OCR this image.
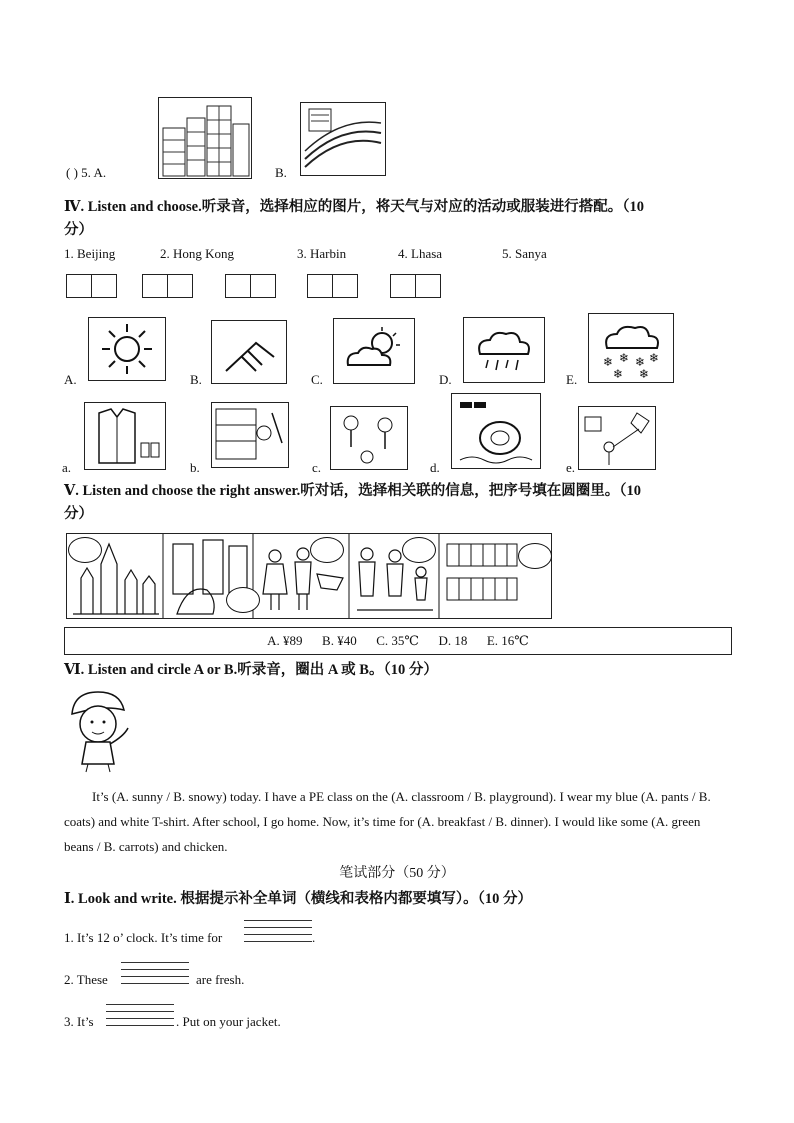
( ) 5. A.	B.
Ⅳ. Listen and choose.听录音，选择相应的图片，将天气与对应的活动或服装进行搭配。（10
分）
1. Beijing	2. Hong Kong	3. Harbin	4. Lhasa	5. Sanya
A.	B.	C.	D.	E.
❄ ❄ ❄ ❄
❄ ❄
a.	b.	c.	d.	e.
Ⅴ. Listen and choose the right answer.听对话，选择相关联的信息，把序号填在圆圈里。（10
分）
A. ¥89      B. ¥40      C. 35℃      D. 18      E. 16℃
Ⅵ. Listen and circle A or B.听录音，圈出 A 或 B。（10 分）
It’s (A. sunny / B. snowy) today. I have a PE class on the (A. classroom / B. playground). I wear my blue (A. pants / B. coats) and white T-shirt. After school, I go home. Now, it’s time for (A. breakfast / B. dinner). I would like some (A. green beans / B. carrots) and chicken.
笔试部分（50 分）
Ⅰ. Look and write. 根据提示补全单词（横线和表格内都要填写）。（10 分）
1. It’s 12 o’ clock. It’s time for	.
2. These	are fresh.
3. It’s	. Put on your jacket.
